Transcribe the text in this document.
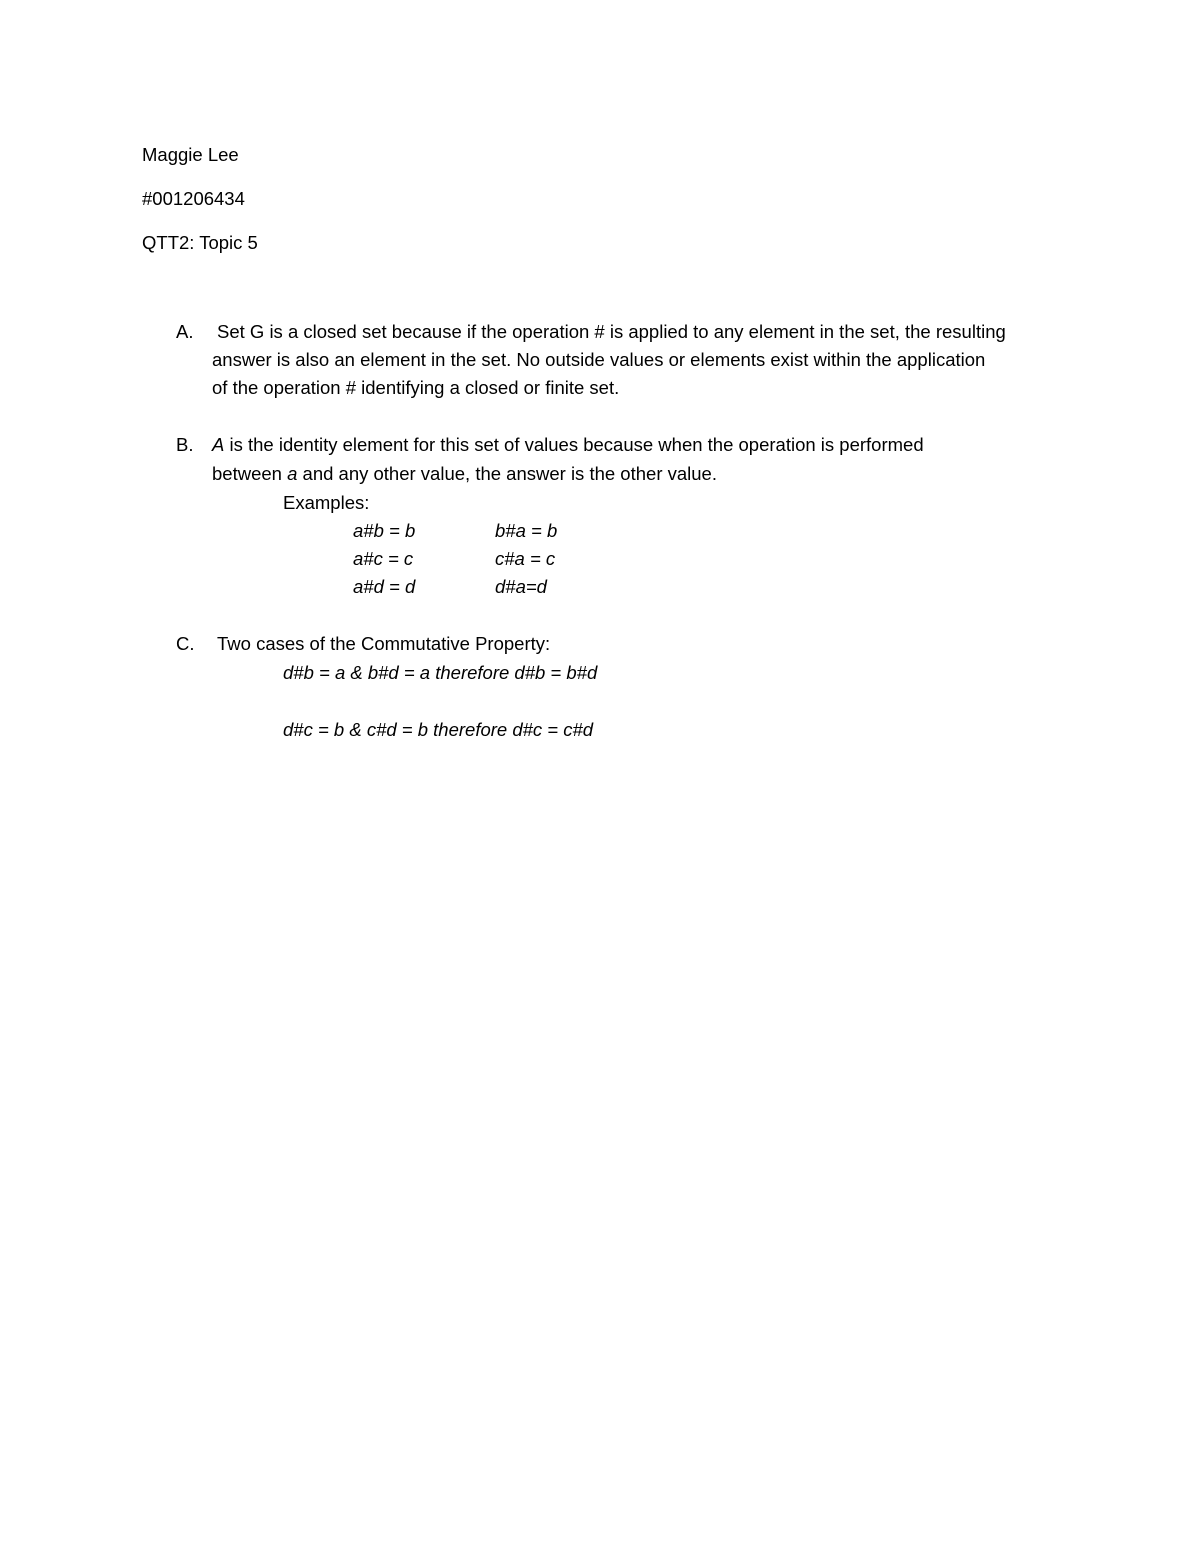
Maggie Lee
#001206434
QTT2: Topic 5
A. Set G is a closed set because if the operation # is applied to any element in the set, the resulting
answer is also an element in the set. No outside values or elements exist within the application
of the operation # identifying a closed or finite set.
B. A is the identity element for this set of values because when the operation is performed
between a and any other value, the answer is the other value.
Examples:
a#b = b	b#a = b
a#c = c	c#a = c
a#d = d	d#a=d
C. Two cases of the Commutative Property:
d#b = a & b#d = a therefore d#b = b#d
d#c = b & c#d = b therefore d#c = c#d
